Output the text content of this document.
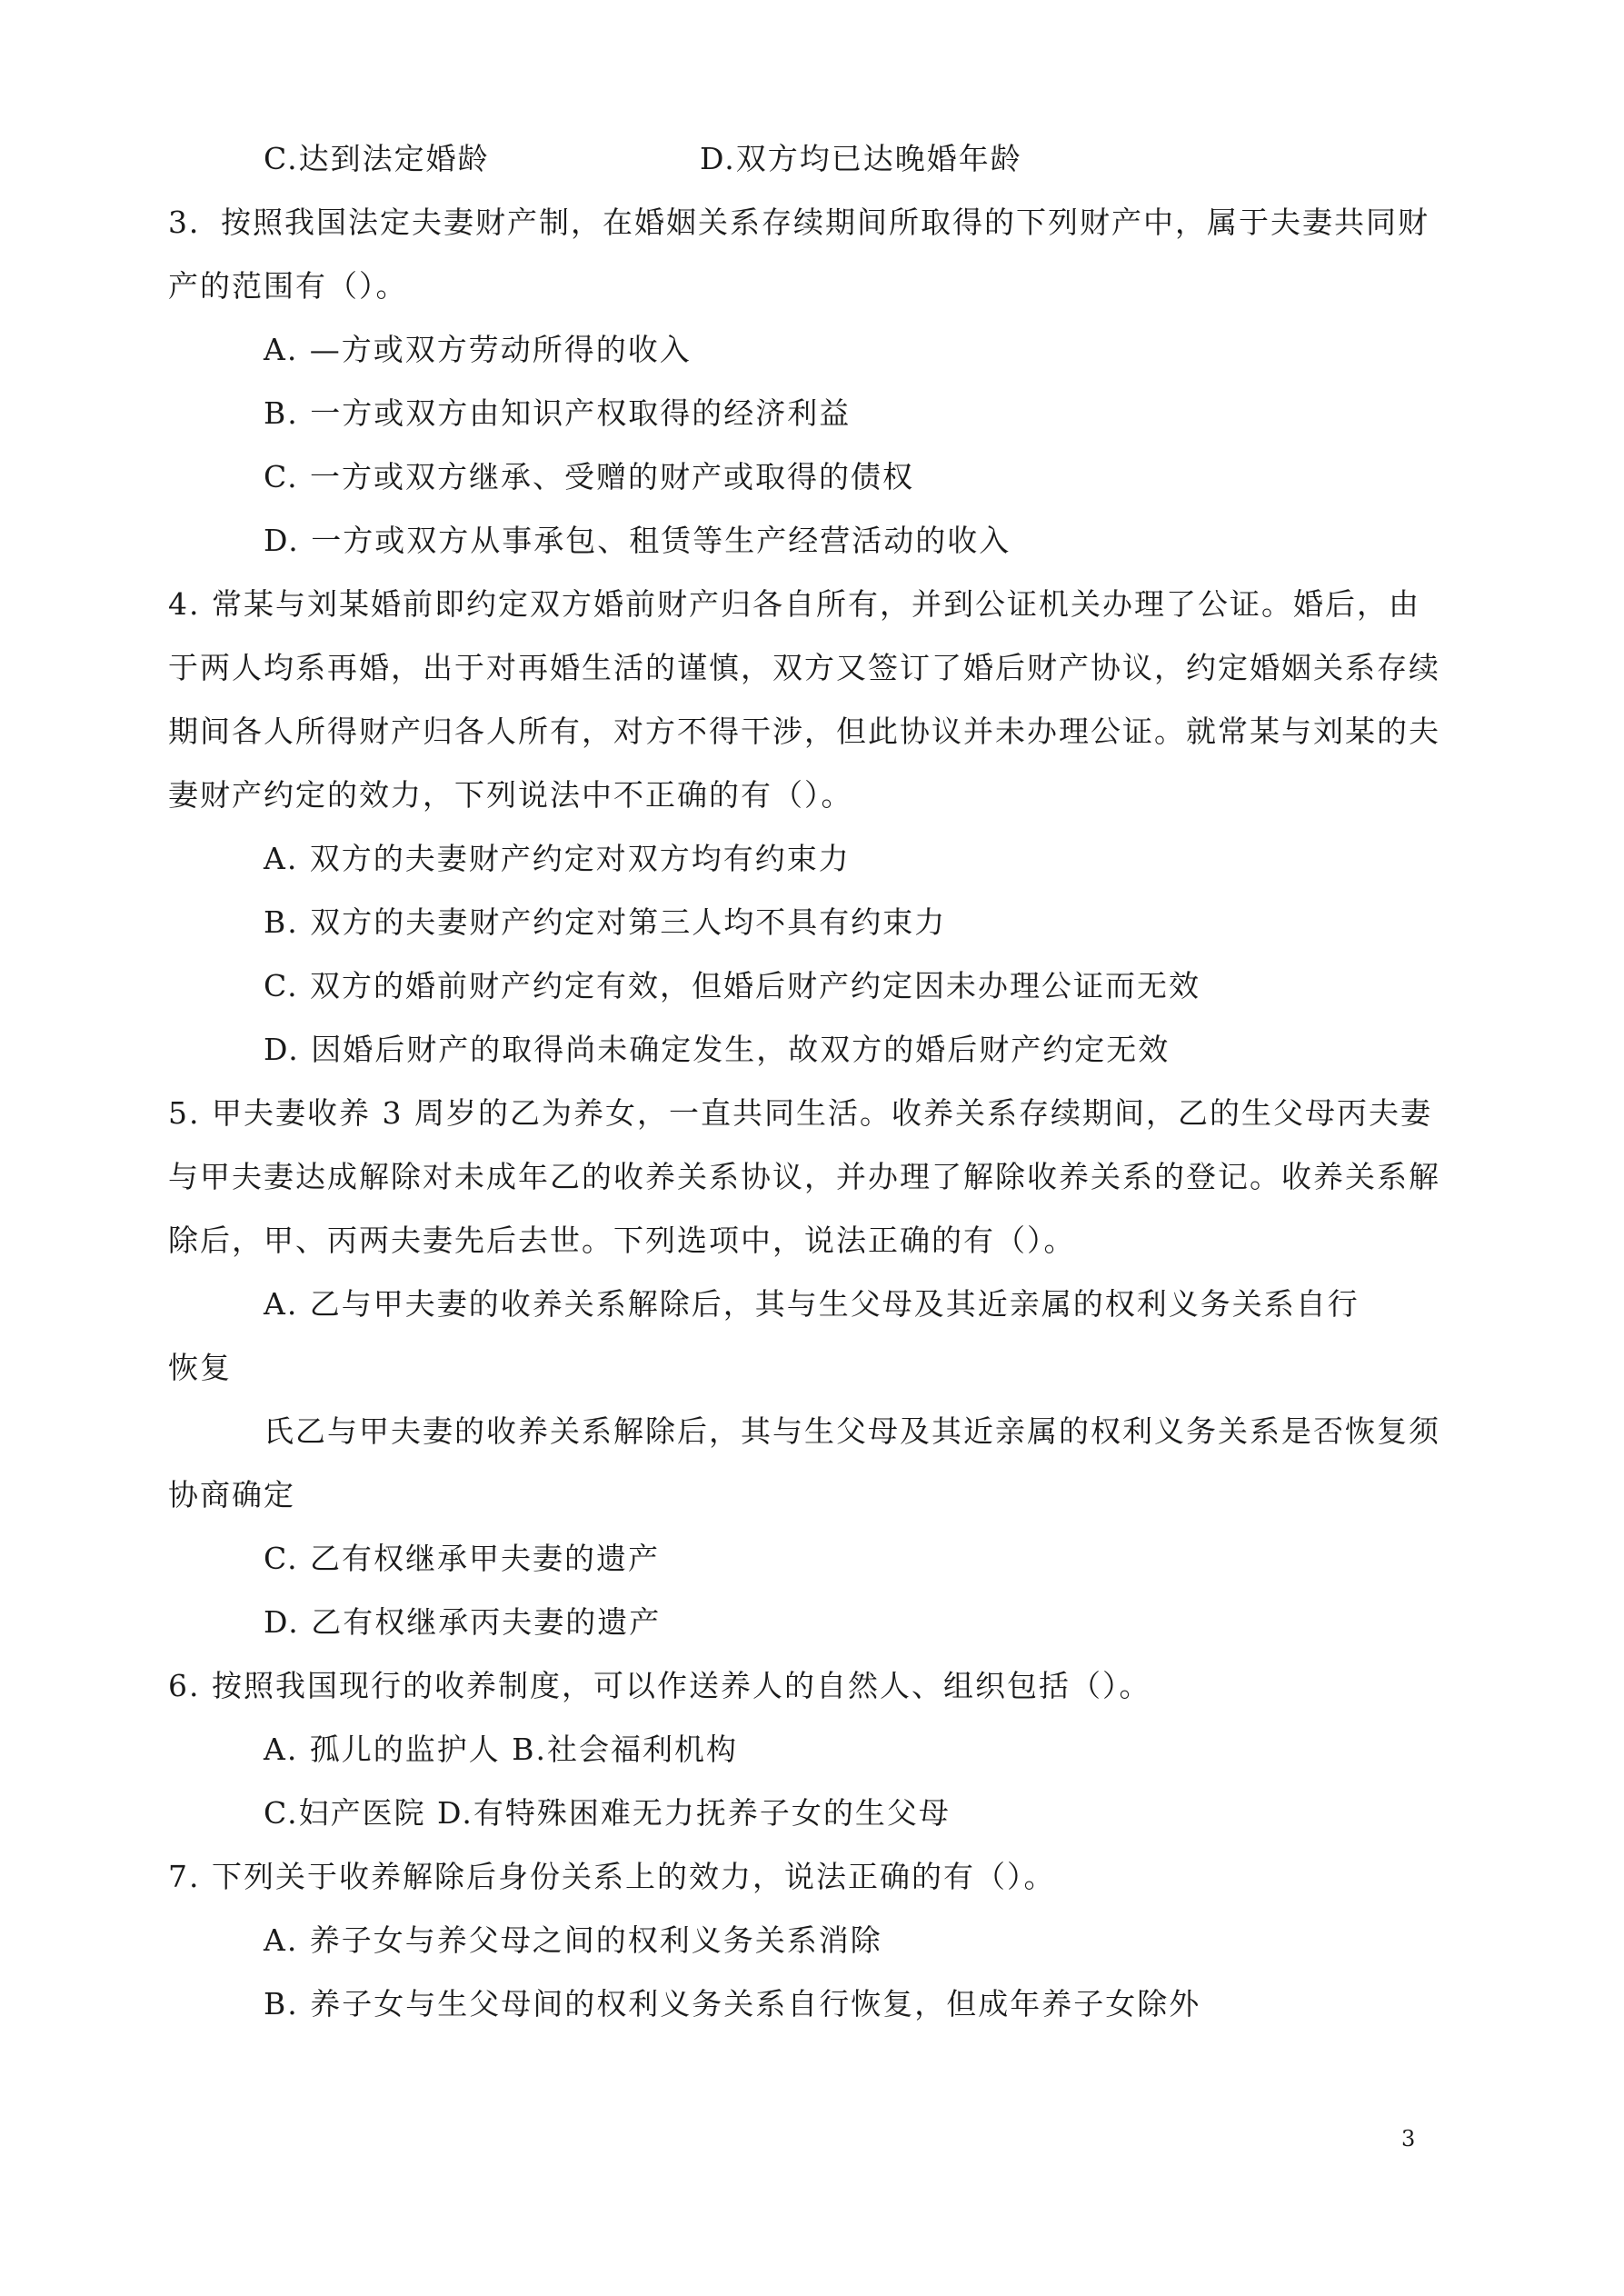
C.达到法定婚龄	D.双方均已达晚婚年龄
3．按照我国法定夫妻财产制，在婚姻关系存续期间所取得的下列财产中，属于夫妻共同财
产的范围有（）。
A. —方或双方劳动所得的收入
B. 一方或双方由知识产权取得的经济利益
C. 一方或双方继承、受赠的财产或取得的债权
D. 一方或双方从事承包、租赁等生产经营活动的收入
4. 常某与刘某婚前即约定双方婚前财产归各自所有，并到公证机关办理了公证。婚后，由
于两人均系再婚，出于对再婚生活的谨慎，双方又签订了婚后财产协议，约定婚姻关系存续
期间各人所得财产归各人所有，对方不得干涉，但此协议并未办理公证。就常某与刘某的夫
妻财产约定的效力，下列说法中不正确的有（）。
A. 双方的夫妻财产约定对双方均有约束力
B. 双方的夫妻财产约定对第三人均不具有约束力
C. 双方的婚前财产约定有效，但婚后财产约定因未办理公证而无效
D. 因婚后财产的取得尚未确定发生，故双方的婚后财产约定无效
5. 甲夫妻收养 3 周岁的乙为养女，一直共同生活。收养关系存续期间，乙的生父母丙夫妻
与甲夫妻达成解除对未成年乙的收养关系协议，并办理了解除收养关系的登记。收养关系解
除后，甲、丙两夫妻先后去世。下列选项中，说法正确的有（）。
A. 乙与甲夫妻的收养关系解除后，其与生父母及其近亲属的权利义务关系自行
恢复
氏乙与甲夫妻的收养关系解除后，其与生父母及其近亲属的权利义务关系是否恢复须
协商确定
C. 乙有权继承甲夫妻的遗产
D. 乙有权继承丙夫妻的遗产
6. 按照我国现行的收养制度，可以作送养人的自然人、组织包括（）。
A. 孤儿的监护人 B.社会福利机构
C.妇产医院 D.有特殊困难无力抚养子女的生父母
7. 下列关于收养解除后身份关系上的效力，说法正确的有（）。
A. 养子女与养父母之间的权利义务关系消除
B. 养子女与生父母间的权利义务关系自行恢复，但成年养子女除外
3
